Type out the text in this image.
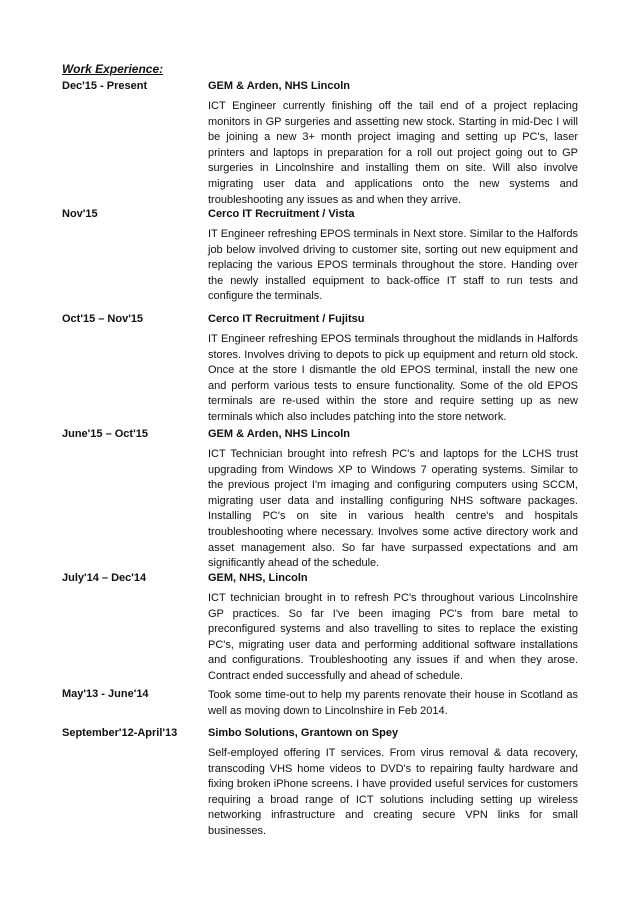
Work Experience:
Dec'15 - Present	GEM & Arden, NHS Lincoln
ICT Engineer currently finishing off the tail end of a project replacing monitors in GP surgeries and assetting new stock. Starting in mid-Dec I will be joining a new 3+ month project imaging and setting up PC's, laser printers and laptops in preparation for a roll out project going out to GP surgeries in Lincolnshire and installing them on site. Will also involve migrating user data and applications onto the new systems and troubleshooting any issues as and when they arrive.
Nov'15	Cerco IT Recruitment / Vista
IT Engineer refreshing EPOS terminals in Next store. Similar to the Halfords job below involved driving to customer site, sorting out new equipment and replacing the various EPOS terminals throughout the store. Handing over the newly installed equipment to back-office IT staff to run tests and configure the terminals.
Oct'15 – Nov'15	Cerco IT Recruitment / Fujitsu
IT Engineer refreshing EPOS terminals throughout the midlands in Halfords stores. Involves driving to depots to pick up equipment and return old stock. Once at the store I dismantle the old EPOS terminal, install the new one and perform various tests to ensure functionality. Some of the old EPOS terminals are re-used within the store and require setting up as new terminals which also includes patching into the store network.
June'15 – Oct'15	GEM & Arden, NHS Lincoln
ICT Technician brought into refresh PC's and laptops for the LCHS trust upgrading from Windows XP to Windows 7 operating systems. Similar to the previous project I'm imaging and configuring computers using SCCM, migrating user data and installing configuring NHS software packages. Installing PC's on site in various health centre's and hospitals troubleshooting where necessary. Involves some active directory work and asset management also. So far have surpassed expectations and am significantly ahead of the schedule.
July'14 – Dec'14	GEM, NHS, Lincoln
ICT technician brought in to refresh PC's throughout various Lincolnshire GP practices. So far I've been imaging PC's from bare metal to preconfigured systems and also travelling to sites to replace the existing PC's, migrating user data and performing additional software installations and configurations. Troubleshooting any issues if and when they arose. Contract ended successfully and ahead of schedule.
May'13 - June'14	Took some time-out to help my parents renovate their house in Scotland as well as moving down to Lincolnshire in Feb 2014.
September'12-April'13	Simbo Solutions, Grantown on Spey
Self-employed offering IT services. From virus removal & data recovery, transcoding VHS home videos to DVD's to repairing faulty hardware and fixing broken iPhone screens. I have provided useful services for customers requiring a broad range of ICT solutions including setting up wireless networking infrastructure and creating secure VPN links for small businesses.
